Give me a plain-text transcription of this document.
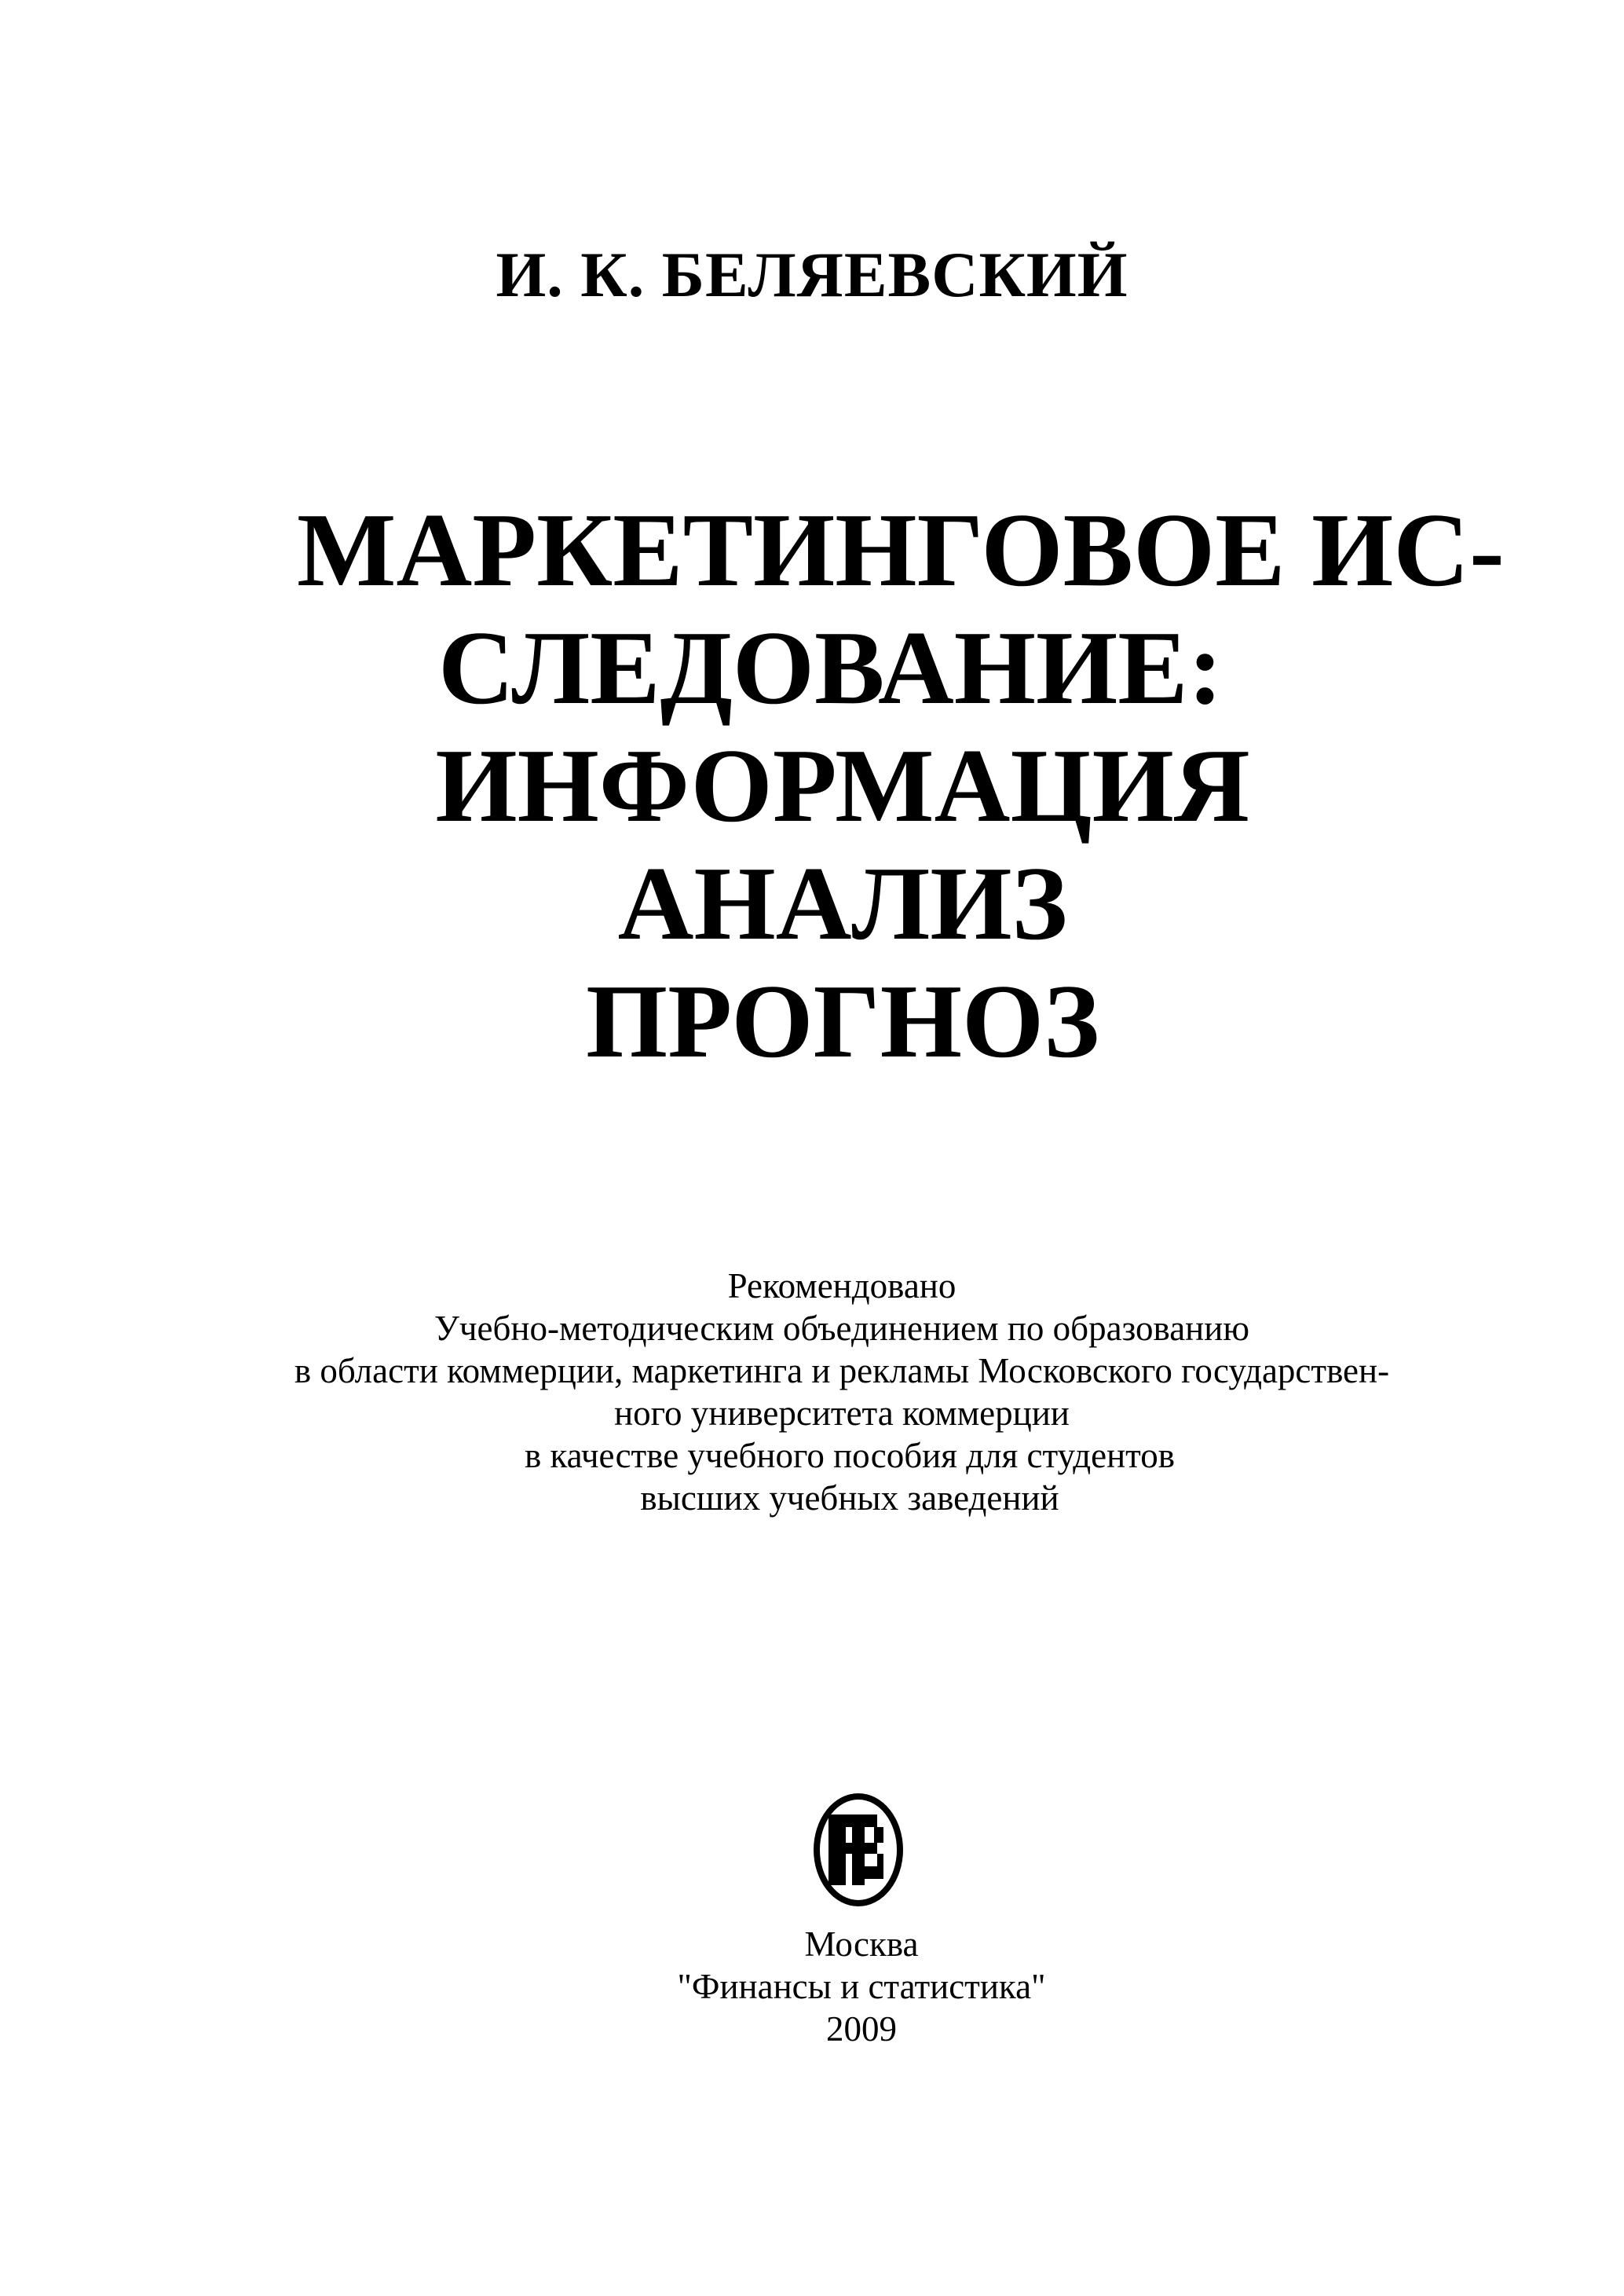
И. К. БЕЛЯЕВСКИЙ
МАРКЕТИНГОВОЕ ИС-
СЛЕДОВАНИЕ:
ИНФОРМАЦИЯ
АНАЛИЗ
ПРОГНОЗ
Рекомендовано
Учебно-методическим объединением по образованию
в области коммерции, маркетинга и рекламы Московского государствен-
ного университета коммерции
в качестве учебного пособия для студентов
высших учебных заведений
Москва
"Финансы и статистика"
2009
